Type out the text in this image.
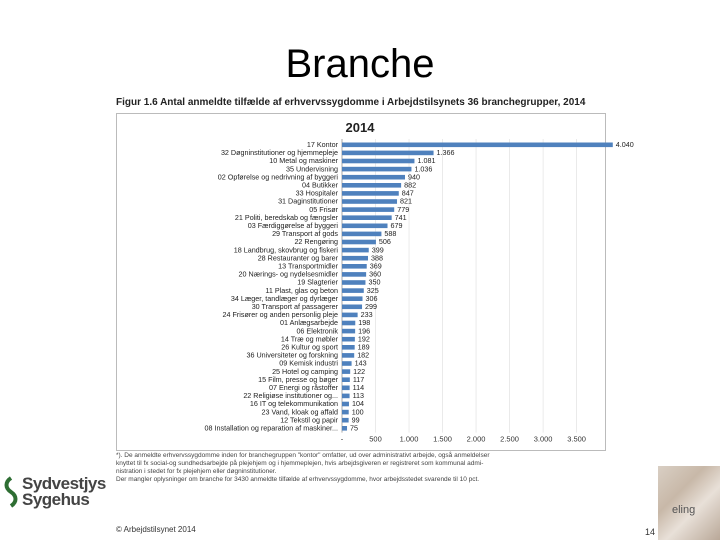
Branche
Figur 1.6 Antal anmeldte tilfælde af erhvervssygdomme i Arbejdstilsynets 36 branchegrupper, 2014
2014
17 Kontor	4.040
32 Døgninstitutioner og hjemmepleje	1.366
10 Metal og maskiner	1.081
35 Undervisning	1.036
02 Opførelse og nedrivning af byggeri	940
04 Butikker	882
33 Hospitaler	847
31 Daginstitutioner	821
05 Frisør	779
21 Politi, beredskab og fængsler	741
03 Færdiggørelse af byggeri	679
29 Transport af gods	588
22 Rengøring	506
18 Landbrug, skovbrug og fiskeri	399
28 Restauranter og barer	388
13 Transportmidler	369
20 Nærings- og nydelsesmidler	360
19 Slagterier	350
11 Plast, glas og beton	325
34 Læger, tandlæger og dyrlæger	306
30 Transport af passagerer	299
24 Frisører og anden personlig pleje	233
01 Anlægsarbejde	198
06 Elektronik	196
14 Træ og møbler	192
26 Kultur og sport	189
36 Universiteter og forskning	182
09 Kemisk industri 143
25 Hotel og camping 122
15 Film, presse og bøger 117
07 Energi og råstoffer 114
22 Religiøse institutioner og... 113
16 IT og telekommunikation 104
23 Vand, kloak og affald 100
12 Tekstil og papir 99
08 Installation og reparation af maskiner... 75
-	500 1.000 1.500 2.000 2.500 3.000 3.500
*). De anmeldte erhvervssygdomme inden for branchegruppen "kontor" omfatter, ud over administrativt arbejde, også anmeldelser
knyttet til fx social-og sundhedsarbejde på plejehjem og i hjemmeplejen, hvis arbejdsgiveren er registreret som kommunal admi-
nistration i stedet for fx plejehjem eller døgninstitutioner.
Der mangler oplysninger om branche for 3430 anmeldte tilfælde af erhvervssygdomme, hvor arbejdsstedet svarende til 10 pct.
© Arbejdstilsynet 2014	14
Sydvestjys
Sygehus
eling
